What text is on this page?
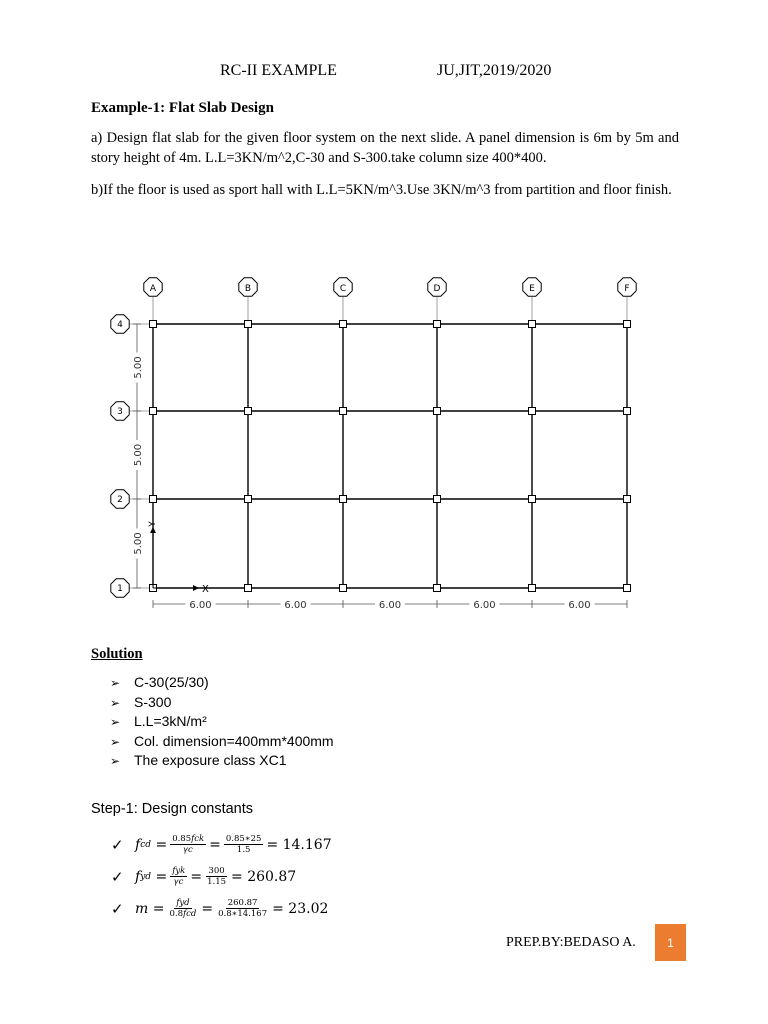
RC-II EXAMPLE	JU,JIT,2019/2020
Example-1: Flat Slab Design
a) Design flat slab for the given floor system on the next slide. A panel dimension is 6m by 5m and story height of 4m. L.L=3KN/m^2,C-30 and S-300.take column size 400*400.
b)If the floor is used as sport hall with L.L=5KN/m^3.Use 3KN/m^3 from partition and floor finish.
A	B	C	D	E	F
4
3
2
1
6.00	6.00	6.00	6.00	6.00
5.00
5.00
5.00
X
Y
Solution
➢ C-30(25/30)
➢ S-300
➢ L.L=3kN/m²
➢ Col. dimension=400mm*400mm
➢ The exposure class XC1
Step-1: Design constants
✓ 𝑓 𝑐𝑑 = $\frac{\text{0.85𝑓𝑐𝑘}}{\text{𝛾𝑐}} = \frac{0.85∗25}{1.5} = 14.167$
✓ 𝑓 𝑦𝑑 = $\frac{\text{𝑓𝑦𝑘}}{\text{𝛾𝑐}} = \frac{300}{1.15} = 260.87$
✓ 𝑚 = $\frac{\text{𝑓𝑦𝑑}}{\text{0.8𝑓𝑐𝑑}} = \frac{260.87}{0.8∗14.167} = 23.02$
PREP.BY:BEDASO A.	1
